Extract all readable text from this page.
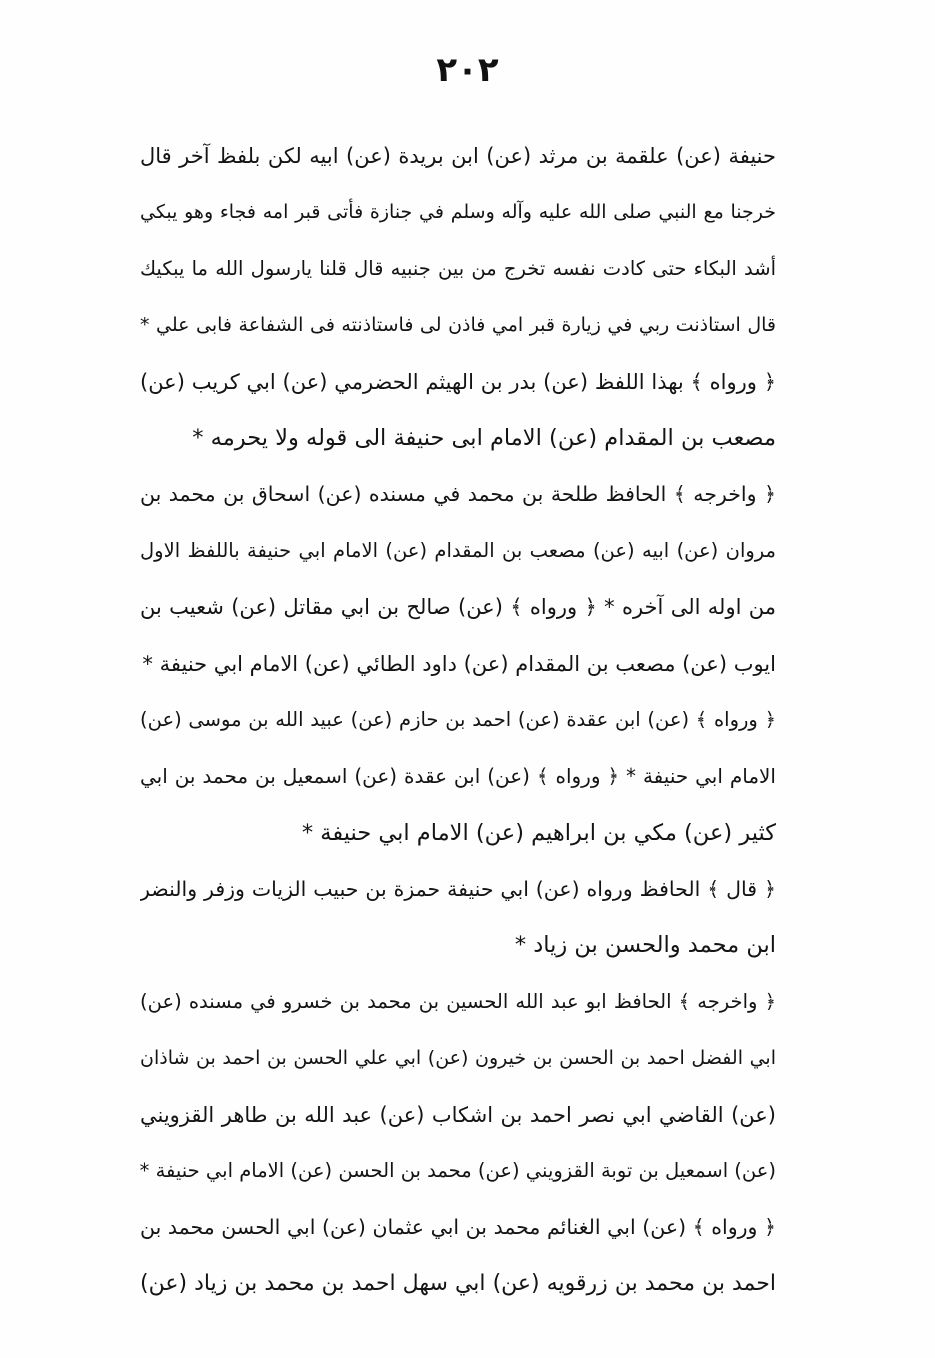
٢٠٢
حنيفة (عن) علقمة بن مرثد (عن) ابن بريدة (عن) ابيه لكن بلفظ آخر قال
خرجنا مع النبي صلى الله عليه وآله وسلم في جنازة فأتى قبر امه فجاء وهو يبكي
أشد البكاء حتى كادت نفسه تخرج من بين جنبيه قال قلنا يارسول الله ما يبكيك
قال استاذنت ربي في زيارة قبر امي فاذن لى فاستاذنته فى الشفاعة فابى علي *
﴿ ورواه ﴾ بهذا اللفظ (عن) بدر بن الهيثم الحضرمي (عن) ابي كريب (عن)
مصعب بن المقدام (عن) الامام ابى حنيفة الى قوله ولا يحرمه *
﴿ واخرجه ﴾ الحافظ طلحة بن محمد في مسنده (عن) اسحاق بن محمد بن
مروان (عن) ابيه (عن) مصعب بن المقدام (عن) الامام ابي حنيفة باللفظ الاول
من اوله الى آخره * ﴿ ورواه ﴾ (عن) صالح بن ابي مقاتل (عن) شعيب بن
ايوب (عن) مصعب بن المقدام (عن) داود الطائي (عن) الامام ابي حنيفة *
﴿ ورواه ﴾ (عن) ابن عقدة (عن) احمد بن حازم (عن) عبيد الله بن موسى (عن)
الامام ابي حنيفة * ﴿ ورواه ﴾ (عن) ابن عقدة (عن) اسمعيل بن محمد بن ابي
كثير (عن) مكي بن ابراهيم (عن) الامام ابي حنيفة *
﴿ قال ﴾ الحافظ ورواه (عن) ابي حنيفة حمزة بن حبيب الزيات وزفر والنضر
ابن محمد والحسن بن زياد *
﴿ واخرجه ﴾ الحافظ ابو عبد الله الحسين بن محمد بن خسرو في مسنده (عن)
ابي الفضل احمد بن الحسن بن خيرون (عن) ابي علي الحسن بن احمد بن شاذان
(عن) القاضي ابي نصر احمد بن اشكاب (عن) عبد الله بن طاهر القزويني
(عن) اسمعيل بن توبة القزويني (عن) محمد بن الحسن (عن) الامام ابي حنيفة *
﴿ ورواه ﴾ (عن) ابي الغنائم محمد بن ابي عثمان (عن) ابي الحسن محمد بن
احمد بن محمد بن زرقويه (عن) ابي سهل احمد بن محمد بن زياد (عن)
